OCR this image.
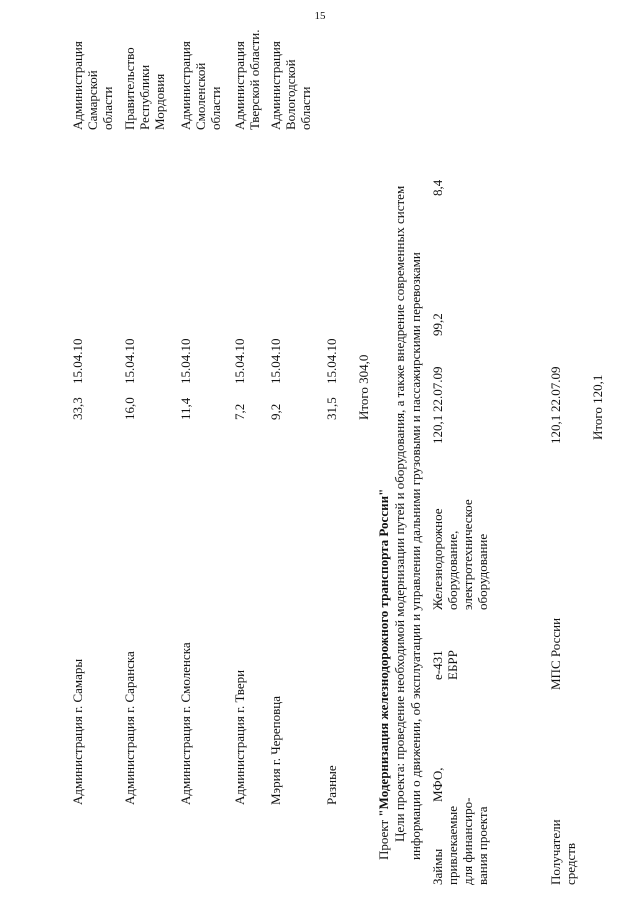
15
Администрация г. Самары
33,3
15.04.10
Администрация Самарской области
Администрация г. Саранска
16,0
15.04.10
Правительство Республики Мордовия
Администрация г. Смоленска
11,4
15.04.10
Администрация Смоленской области
Администрация г. Твери
7,2
15.04.10
Администрация Тверской области.
Мэрия г. Череповца
9,2
15.04.10
Администрация Вологодской области
Разные
31,5
15.04.10 Итого 304,0
Проект "Модернизация железнодорожного транспорта России" Цели проекта: проведение необходимой модернизации путей и оборудования, а также внедрение современных систем информации о движении, об эксплуатации и управлении дальними грузовыми и пассажирскими перевозками
Займы привлекаемые для финансиро- вания проекта
МФО,
е-431 ЕБРР
Железнодорожное оборудование, электротехническое оборудование
120,1
22.07.09
99,2
8,4
Получатели средств
МПС России
120,1
22.07.09 Итого 120,1
